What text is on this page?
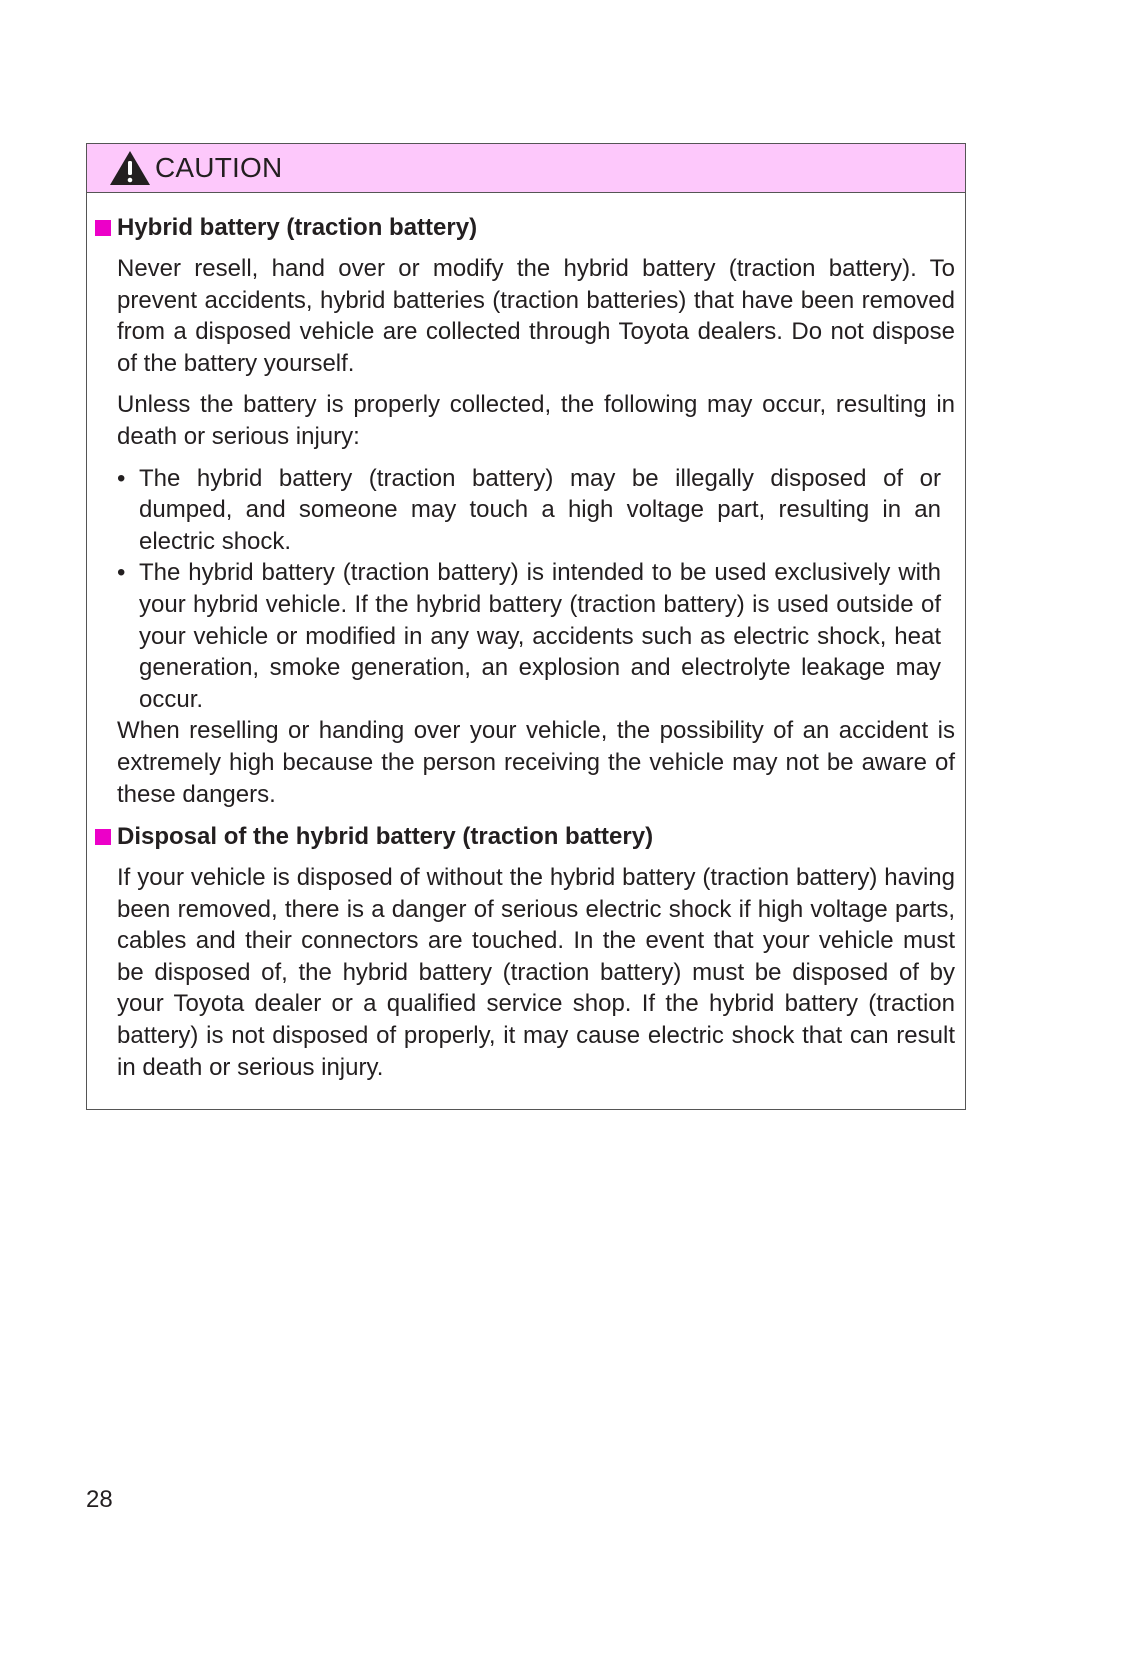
CAUTION
Hybrid battery (traction battery)

Never resell, hand over or modify the hybrid battery (traction battery). To prevent accidents, hybrid batteries (traction batteries) that have been removed from a disposed vehicle are collected through Toyota dealers. Do not dispose of the battery yourself.

Unless the battery is properly collected, the following may occur, resulting in death or serious injury:

• The hybrid battery (traction battery) may be illegally disposed of or dumped, and someone may touch a high voltage part, resulting in an electric shock.
• The hybrid battery (traction battery) is intended to be used exclusively with your hybrid vehicle. If the hybrid battery (traction battery) is used outside of your vehicle or modified in any way, accidents such as electric shock, heat generation, smoke generation, an explosion and electrolyte leakage may occur.

When reselling or handing over your vehicle, the possibility of an accident is extremely high because the person receiving the vehicle may not be aware of these dangers.

Disposal of the hybrid battery (traction battery)

If your vehicle is disposed of without the hybrid battery (traction battery) having been removed, there is a danger of serious electric shock if high voltage parts, cables and their connectors are touched. In the event that your vehicle must be disposed of, the hybrid battery (traction battery) must be disposed of by your Toyota dealer or a qualified service shop. If the hybrid battery (traction battery) is not disposed of properly, it may cause electric shock that can result in death or serious injury.

28
